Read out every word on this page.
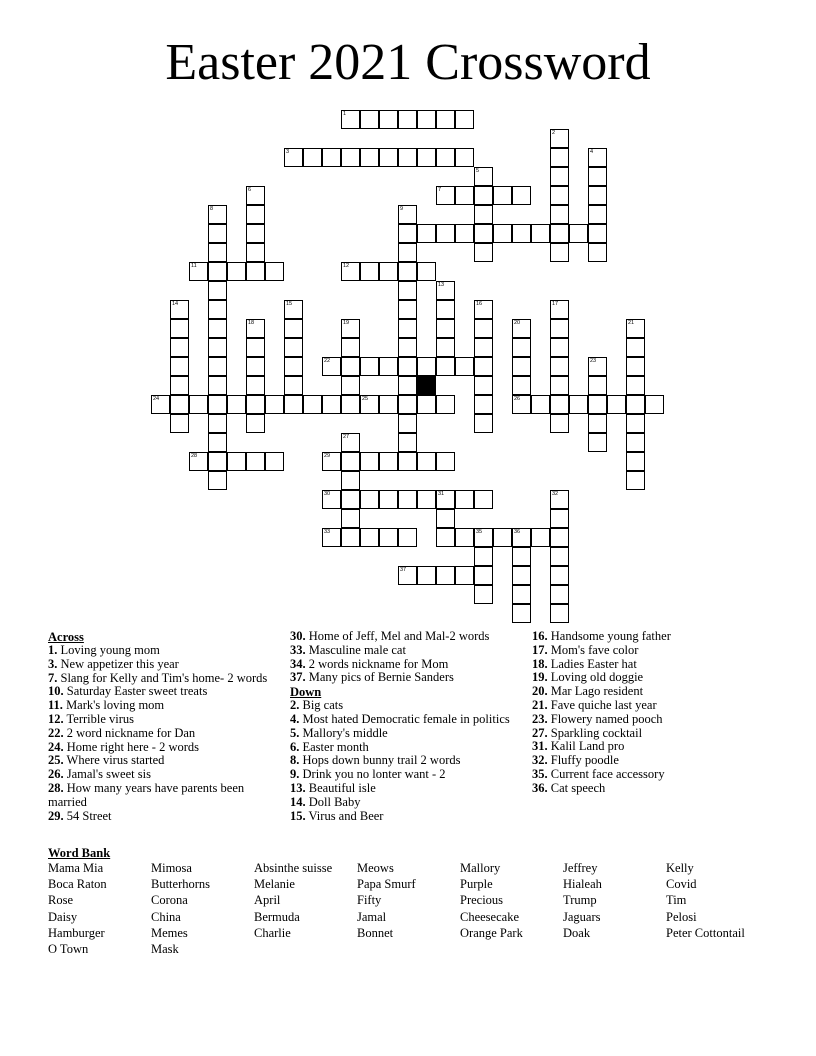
Easter 2021 Crossword
1
2
3	4
5
6	7
8	9
11	12
13
14	15	16	17
18	19	20	21
22	23
24	25	26
27
28	29
30	31	32
33	35	36
37
Across
1. Loving young mom
3. New appetizer this year
7. Slang for Kelly and Tim's home- 2 words
10. Saturday Easter sweet treats
11. Mark's loving mom
12. Terrible virus
22. 2 word nickname for Dan
24. Home right here - 2 words
25. Where virus started
26. Jamal's sweet sis
28. How many years have parents been married
29. 54 Street
30. Home of Jeff, Mel and Mal-2 words
33. Masculine male cat
34. 2 words nickname for Mom
37. Many pics of Bernie Sanders
Down
2. Big cats
4. Most hated Democratic female in politics
5. Mallory's middle
6. Easter month
8. Hops down bunny trail 2 words
9. Drink you no lonter want - 2
13. Beautiful isle
14. Doll Baby
15. Virus and Beer
16. Handsome young father
17. Mom's fave color
18. Ladies Easter hat
19. Loving old doggie
20. Mar Lago resident
21. Fave quiche last year
23. Flowery named pooch
27. Sparkling cocktail
31. Kalil Land pro
32. Fluffy poodle
35. Current face accessory
36. Cat speech
Word Bank
Mama Mia	Mimosa	Absinthe suisse	Meows	Mallory	Jeffrey	Kelly
Boca Raton	Butterhorns	Melanie	Papa Smurf	Purple	Hialeah	Covid
Rose	Corona	April	Fifty	Precious	Trump	Tim
Daisy	China	Bermuda	Jamal	Cheesecake	Jaguars	Pelosi
Hamburger	Memes	Charlie	Bonnet	Orange Park	Doak	Peter Cottontail
O Town	Mask
